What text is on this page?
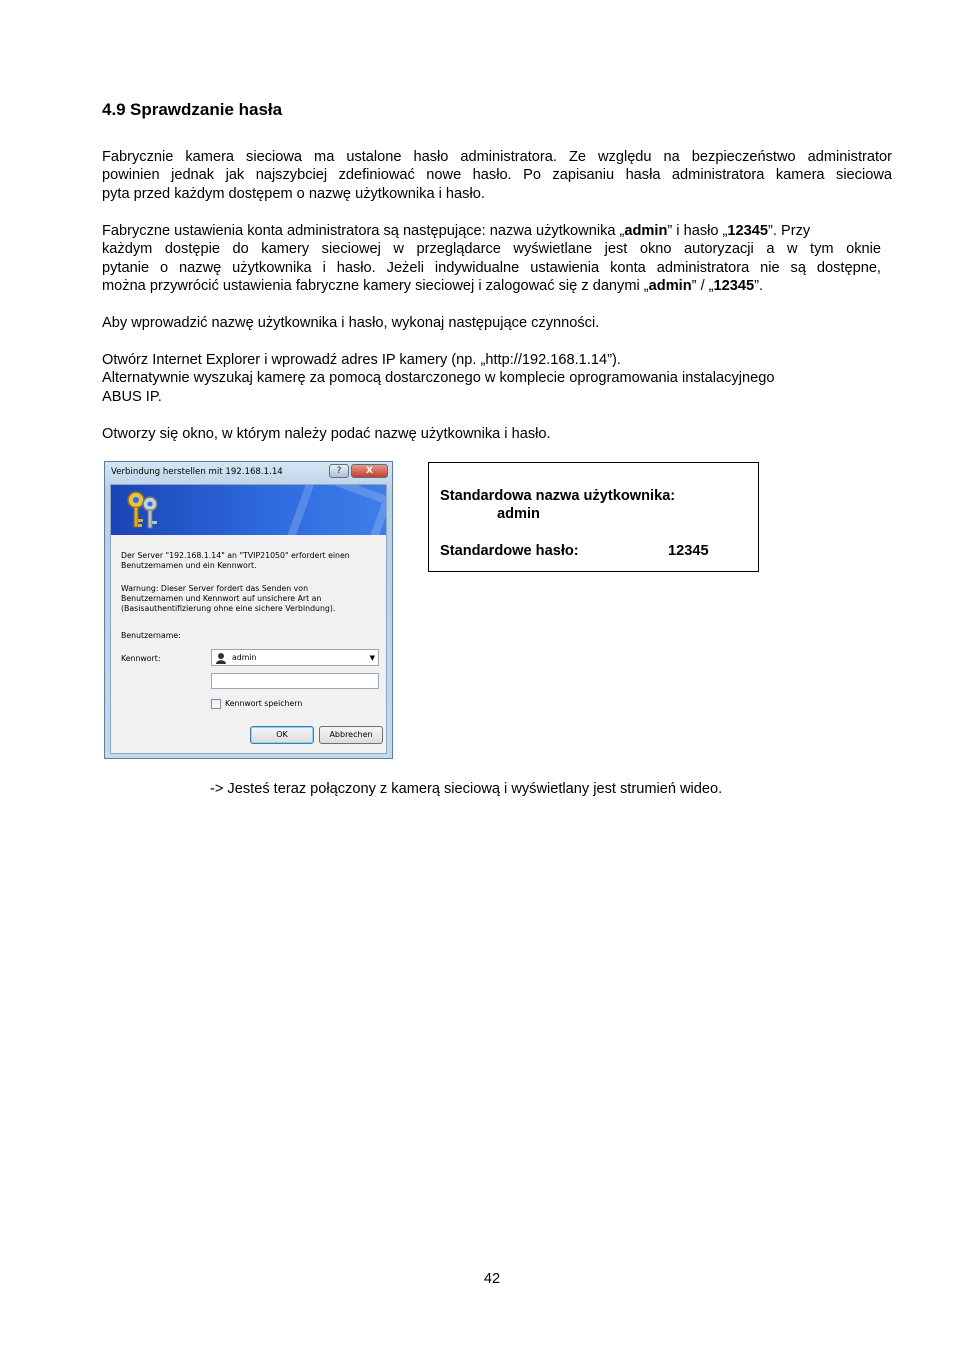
4.9 Sprawdzanie hasła
Fabrycznie kamera sieciowa ma ustalone hasło administratora. Ze względu na bezpieczeństwo administrator
powinien jednak jak najszybciej zdefiniować nowe hasło. Po zapisaniu hasła administratora kamera sieciowa
pyta przed każdym dostępem o nazwę użytkownika i hasło.
Fabryczne ustawienia konta administratora są następujące: nazwa użytkownika „admin” i hasło „12345”. Przy
każdym dostępie do kamery sieciowej w przeglądarce wyświetlane jest okno autoryzacji a w tym oknie
pytanie o nazwę użytkownika i hasło. Jeżeli indywidualne ustawienia konta administratora nie są dostępne,
można przywrócić ustawienia fabryczne kamery sieciowej i zalogować się z danymi „admin” / „12345”.
Aby wprowadzić nazwę użytkownika i hasło, wykonaj następujące czynności.
Otwórz Internet Explorer i wprowadź adres IP kamery (np. „http://192.168.1.14”).
Alternatywnie wyszukaj kamerę za pomocą dostarczonego w komplecie oprogramowania instalacyjnego
ABUS IP.
Otworzy się okno, w którym należy podać nazwę użytkownika i hasło.
Verbindung herstellen mit 192.168.1.14	?	X
Der Server "192.168.1.14" an "TVIP21050" erfordert einen
Benutzernamen und ein Kennwort.
Warnung: Dieser Server fordert das Senden von
Benutzernamen und Kennwort auf unsichere Art an
(Basisauthentifizierung ohne eine sichere Verbindung).
Benutzername:
admin	▼
Kennwort:
Kennwort speichern
OK	Abbrechen
Standardowa nazwa użytkownika:
admin
Standardowe hasło:	12345
-> Jesteś teraz połączony z kamerą sieciową i wyświetlany jest strumień wideo.
42
